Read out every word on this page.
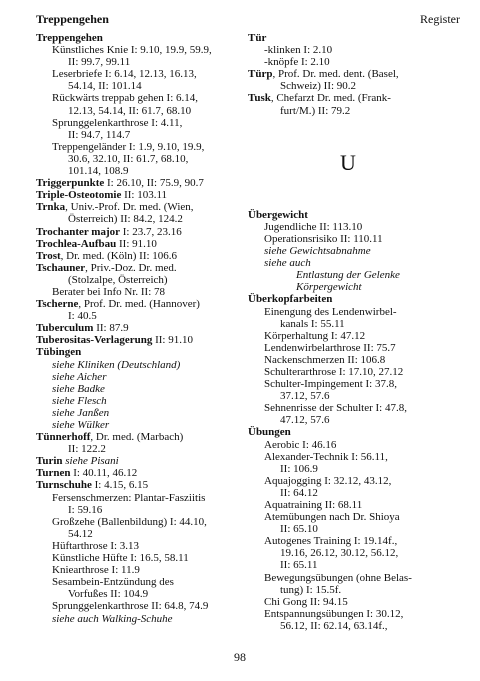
Treppengehen	Register
Treppengehen
Künstliches Knie I: 9.10, 19.9, 59.9,
II: 99.7, 99.11
Leserbriefe I: 6.14, 12.13, 16.13,
54.14, II: 101.14
Rückwärts treppab gehen I: 6.14,
12.13, 54.14, II: 61.7, 68.10
Sprunggelenkarthrose I: 4.11,
II: 94.7, 114.7
Treppengeländer I: 1.9, 9.10, 19.9,
30.6, 32.10, II: 61.7, 68.10,
101.14, 108.9
Triggerpunkte I: 26.10, II: 75.9, 90.7
Triple-Osteotomie II: 103.11
Trnka, Univ.-Prof. Dr. med. (Wien,
Österreich) II: 84.2, 124.2
Trochanter major I: 23.7, 23.16
Trochlea-Aufbau II: 91.10
Trost, Dr. med. (Köln) II: 106.6
Tschauner, Priv.-Doz. Dr. med.
(Stolzalpe, Österreich)
Berater bei Info Nr. II: 78
Tscherne, Prof. Dr. med. (Hannover)
I: 40.5
Tuberculum II: 87.9
Tuberositas-Verlagerung II: 91.10
Tübingen
siehe Kliniken (Deutschland)
siehe Aicher
siehe Badke
siehe Flesch
siehe Janßen
siehe Wülker
Tünnerhoff, Dr. med. (Marbach)
II: 122.2
Turin siehe Pisani
Turnen I: 40.11, 46.12
Turnschuhe I: 4.15, 6.15
Fersenschmerzen: Plantar-Fasziitis
I: 59.16
Großzehe (Ballenbildung) I: 44.10,
54.12
Hüftarthrose I: 3.13
Künstliche Hüfte I: 16.5, 58.11
Kniearthrose I: 11.9
Sesambein-Entzündung des
Vorfußes II: 104.9
Sprunggelenkarthrose II: 64.8, 74.9
siehe auch Walking-Schuhe
Tür
-klinken I: 2.10
-knöpfe I: 2.10
Türp, Prof. Dr. med. dent. (Basel,
Schweiz) II: 90.2
Tusk, Chefarzt Dr. med. (Frank-
furt/M.) II: 79.2
U
Übergewicht
Jugendliche II: 113.10
Operationsrisiko II: 110.11
siehe Gewichtsabnahme
siehe auch
Entlastung der Gelenke
Körpergewicht
Überkopfarbeiten
Einengung des Lendenwirbel-
kanals I: 55.11
Körperhaltung I: 47.12
Lendenwirbelarthrose II: 75.7
Nackenschmerzen II: 106.8
Schulterarthrose I: 17.10, 27.12
Schulter-Impingement I: 37.8,
37.12, 57.6
Sehnenrisse der Schulter I: 47.8,
47.12, 57.6
Übungen
Aerobic I: 46.16
Alexander-Technik I: 56.11,
II: 106.9
Aquajogging I: 32.12, 43.12,
II: 64.12
Aquatraining II: 68.11
Atemübungen nach Dr. Shioya
II: 65.10
Autogenes Training I: 19.14f.,
19.16, 26.12, 30.12, 56.12,
II: 65.11
Bewegungsübungen (ohne Belas-
tung) I: 15.5f.
Chi Gong II: 94.15
Entspannungsübungen I: 30.12,
56.12, II: 62.14, 63.14f.,
98
